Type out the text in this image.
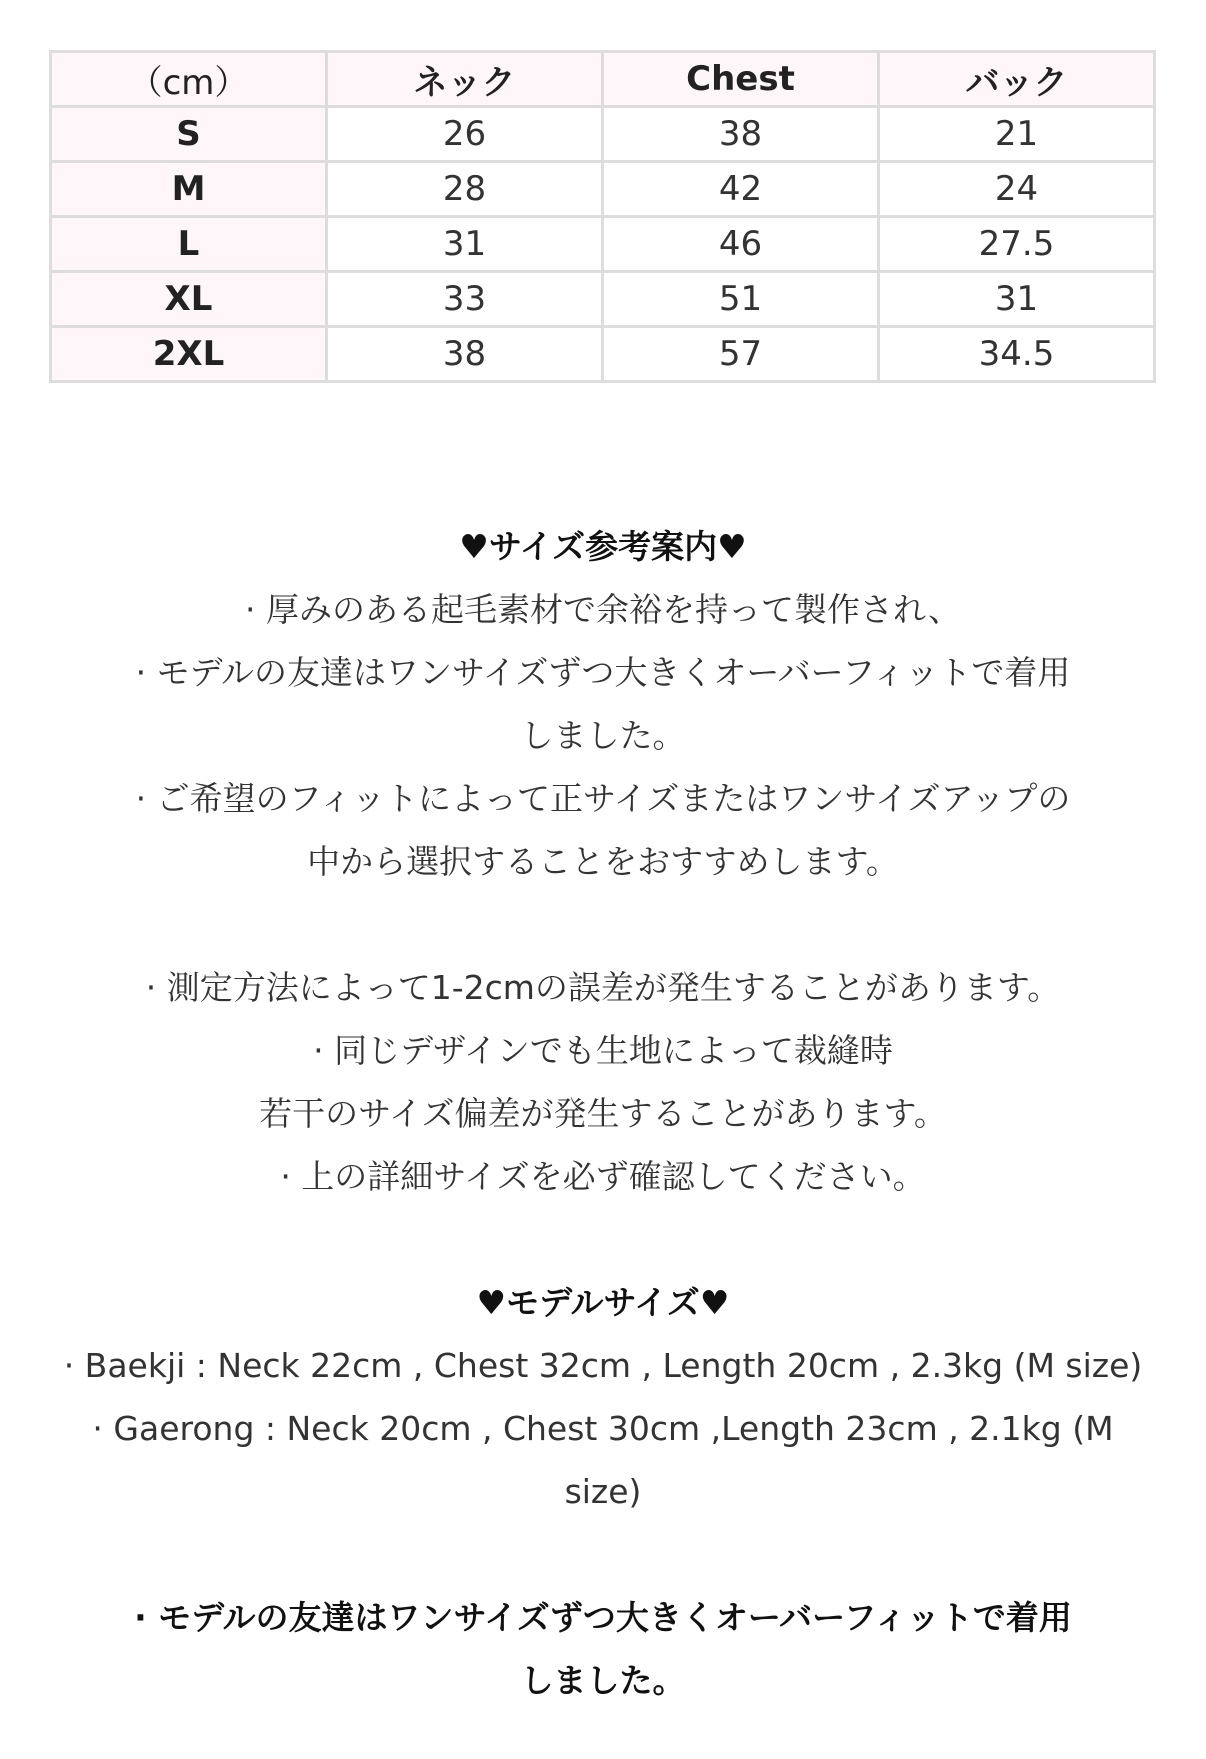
（cm）	ネック	Chest	バック
S	26	38	21
M	28	42	24
L	31	46	27.5
XL	33	51	31
2XL	38	57	34.5

♥サイズ参考案内♥

· 厚みのある起毛素材で余裕を持って製作され、

· モデルの友達はワンサイズずつ大きくオーバーフィットで着用

しました。

· ご希望のフィットによって正サイズまたはワンサイズアップの

中から選択することをおすすめします。

· 測定方法によって1-2cmの誤差が発生することがあります。

· 同じデザインでも生地によって裁縫時

若干のサイズ偏差が発生することがあります。

· 上の詳細サイズを必ず確認してください。

♥モデルサイズ♥

· Baekji : Neck 22cm , Chest 32cm , Length 20cm , 2.3kg (M size)

· Gaerong : Neck 20cm , Chest 30cm ,Length 23cm , 2.1kg (M

size)

· モデルの友達はワンサイズずつ大きくオーバーフィットで着用

しました。
